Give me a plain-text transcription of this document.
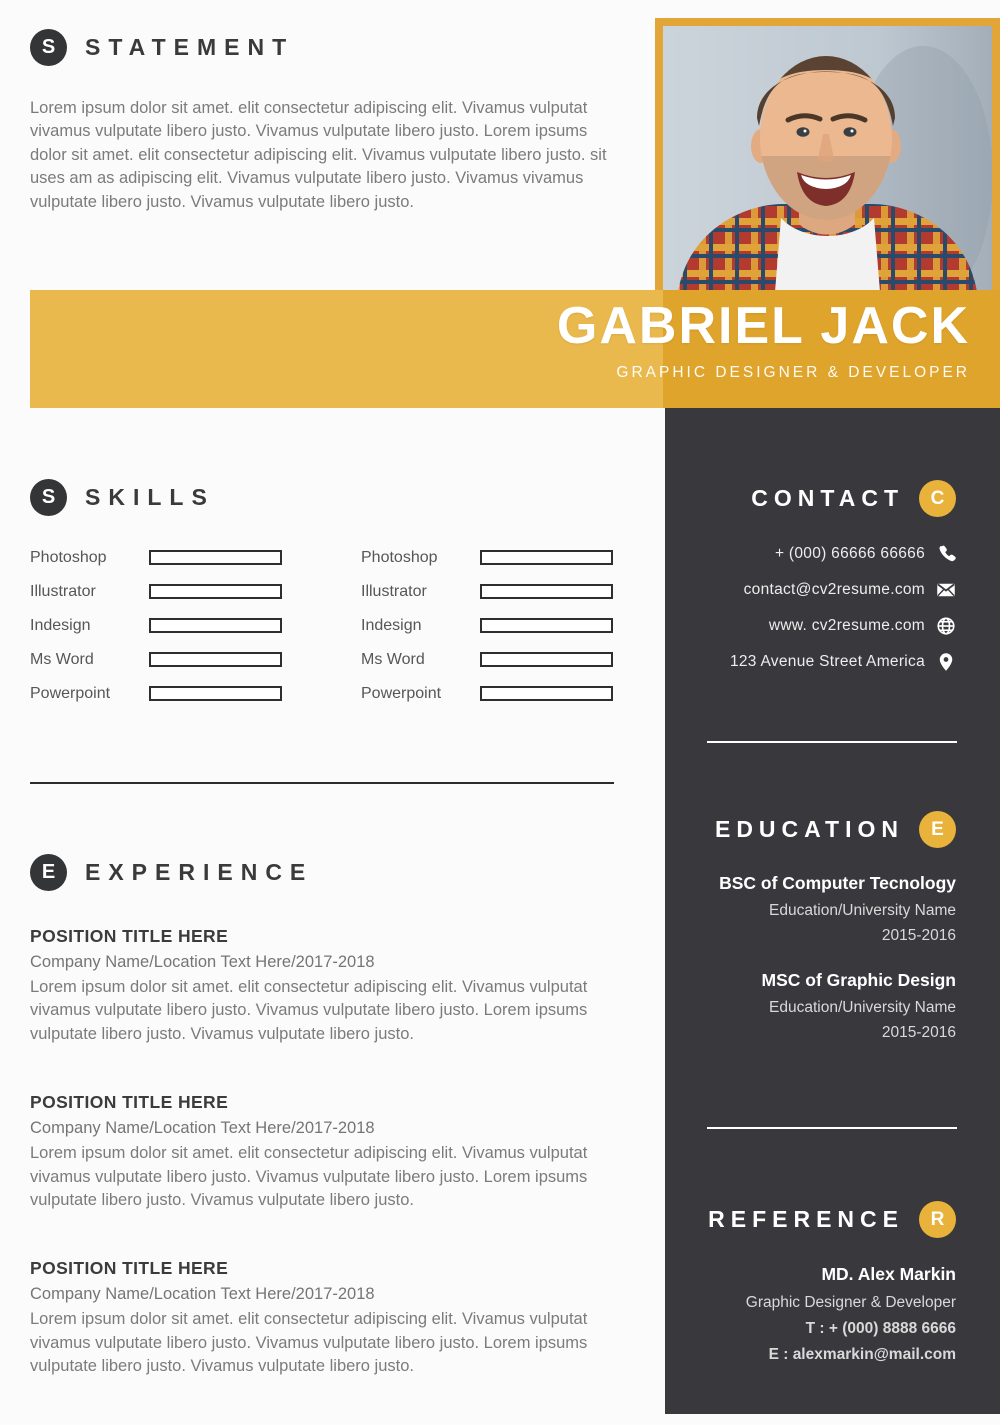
GABRIEL JACK
GRAPHIC DESIGNER & DEVELOPER
S	STATEMENT

Lorem ipsum dolor sit amet. elit consectetur adipiscing elit. Vivamus vulputat vivamus vulputate libero justo. Vivamus vulputate libero justo. Lorem ipsums dolor sit amet. elit consectetur adipiscing elit. Vivamus vulputate libero justo. sit uses am as adipiscing elit. Vivamus vulputate libero justo. Vivamus vivamus vulputate libero justo. Vivamus vulputate libero justo.

S	SKILLS
Photoshop
Illustrator
Indesign
Ms Word
Powerpoint
Photoshop
Illustrator
Indesign
Ms Word
Powerpoint
E	EXPERIENCE
POSITION TITLE HERE
Company Name/Location Text Here/2017-2018
Lorem ipsum dolor sit amet. elit consectetur adipiscing elit. Vivamus vulputat vivamus vulputate libero justo. Vivamus vulputate libero justo. Lorem ipsums vulputate libero justo. Vivamus vulputate libero justo.
POSITION TITLE HERE
Company Name/Location Text Here/2017-2018
Lorem ipsum dolor sit amet. elit consectetur adipiscing elit. Vivamus vulputat vivamus vulputate libero justo. Vivamus vulputate libero justo. Lorem ipsums vulputate libero justo. Vivamus vulputate libero justo.
POSITION TITLE HERE
Company Name/Location Text Here/2017-2018
Lorem ipsum dolor sit amet. elit consectetur adipiscing elit. Vivamus vulputat vivamus vulputate libero justo. Vivamus vulputate libero justo. Lorem ipsums vulputate libero justo. Vivamus vulputate libero justo.
CONTACT	C
+ (000) 66666 66666
contact@cv2resume.com
www. cv2resume.com
123 Avenue Street America
EDUCATION	E
BSC of Computer Tecnology
Education/University Name
2015-2016
MSC of Graphic Design
Education/University Name
2015-2016
REFERENCE	R
MD. Alex Markin
Graphic Designer & Developer
T : + (000) 8888 6666
E : alexmarkin@mail.com
